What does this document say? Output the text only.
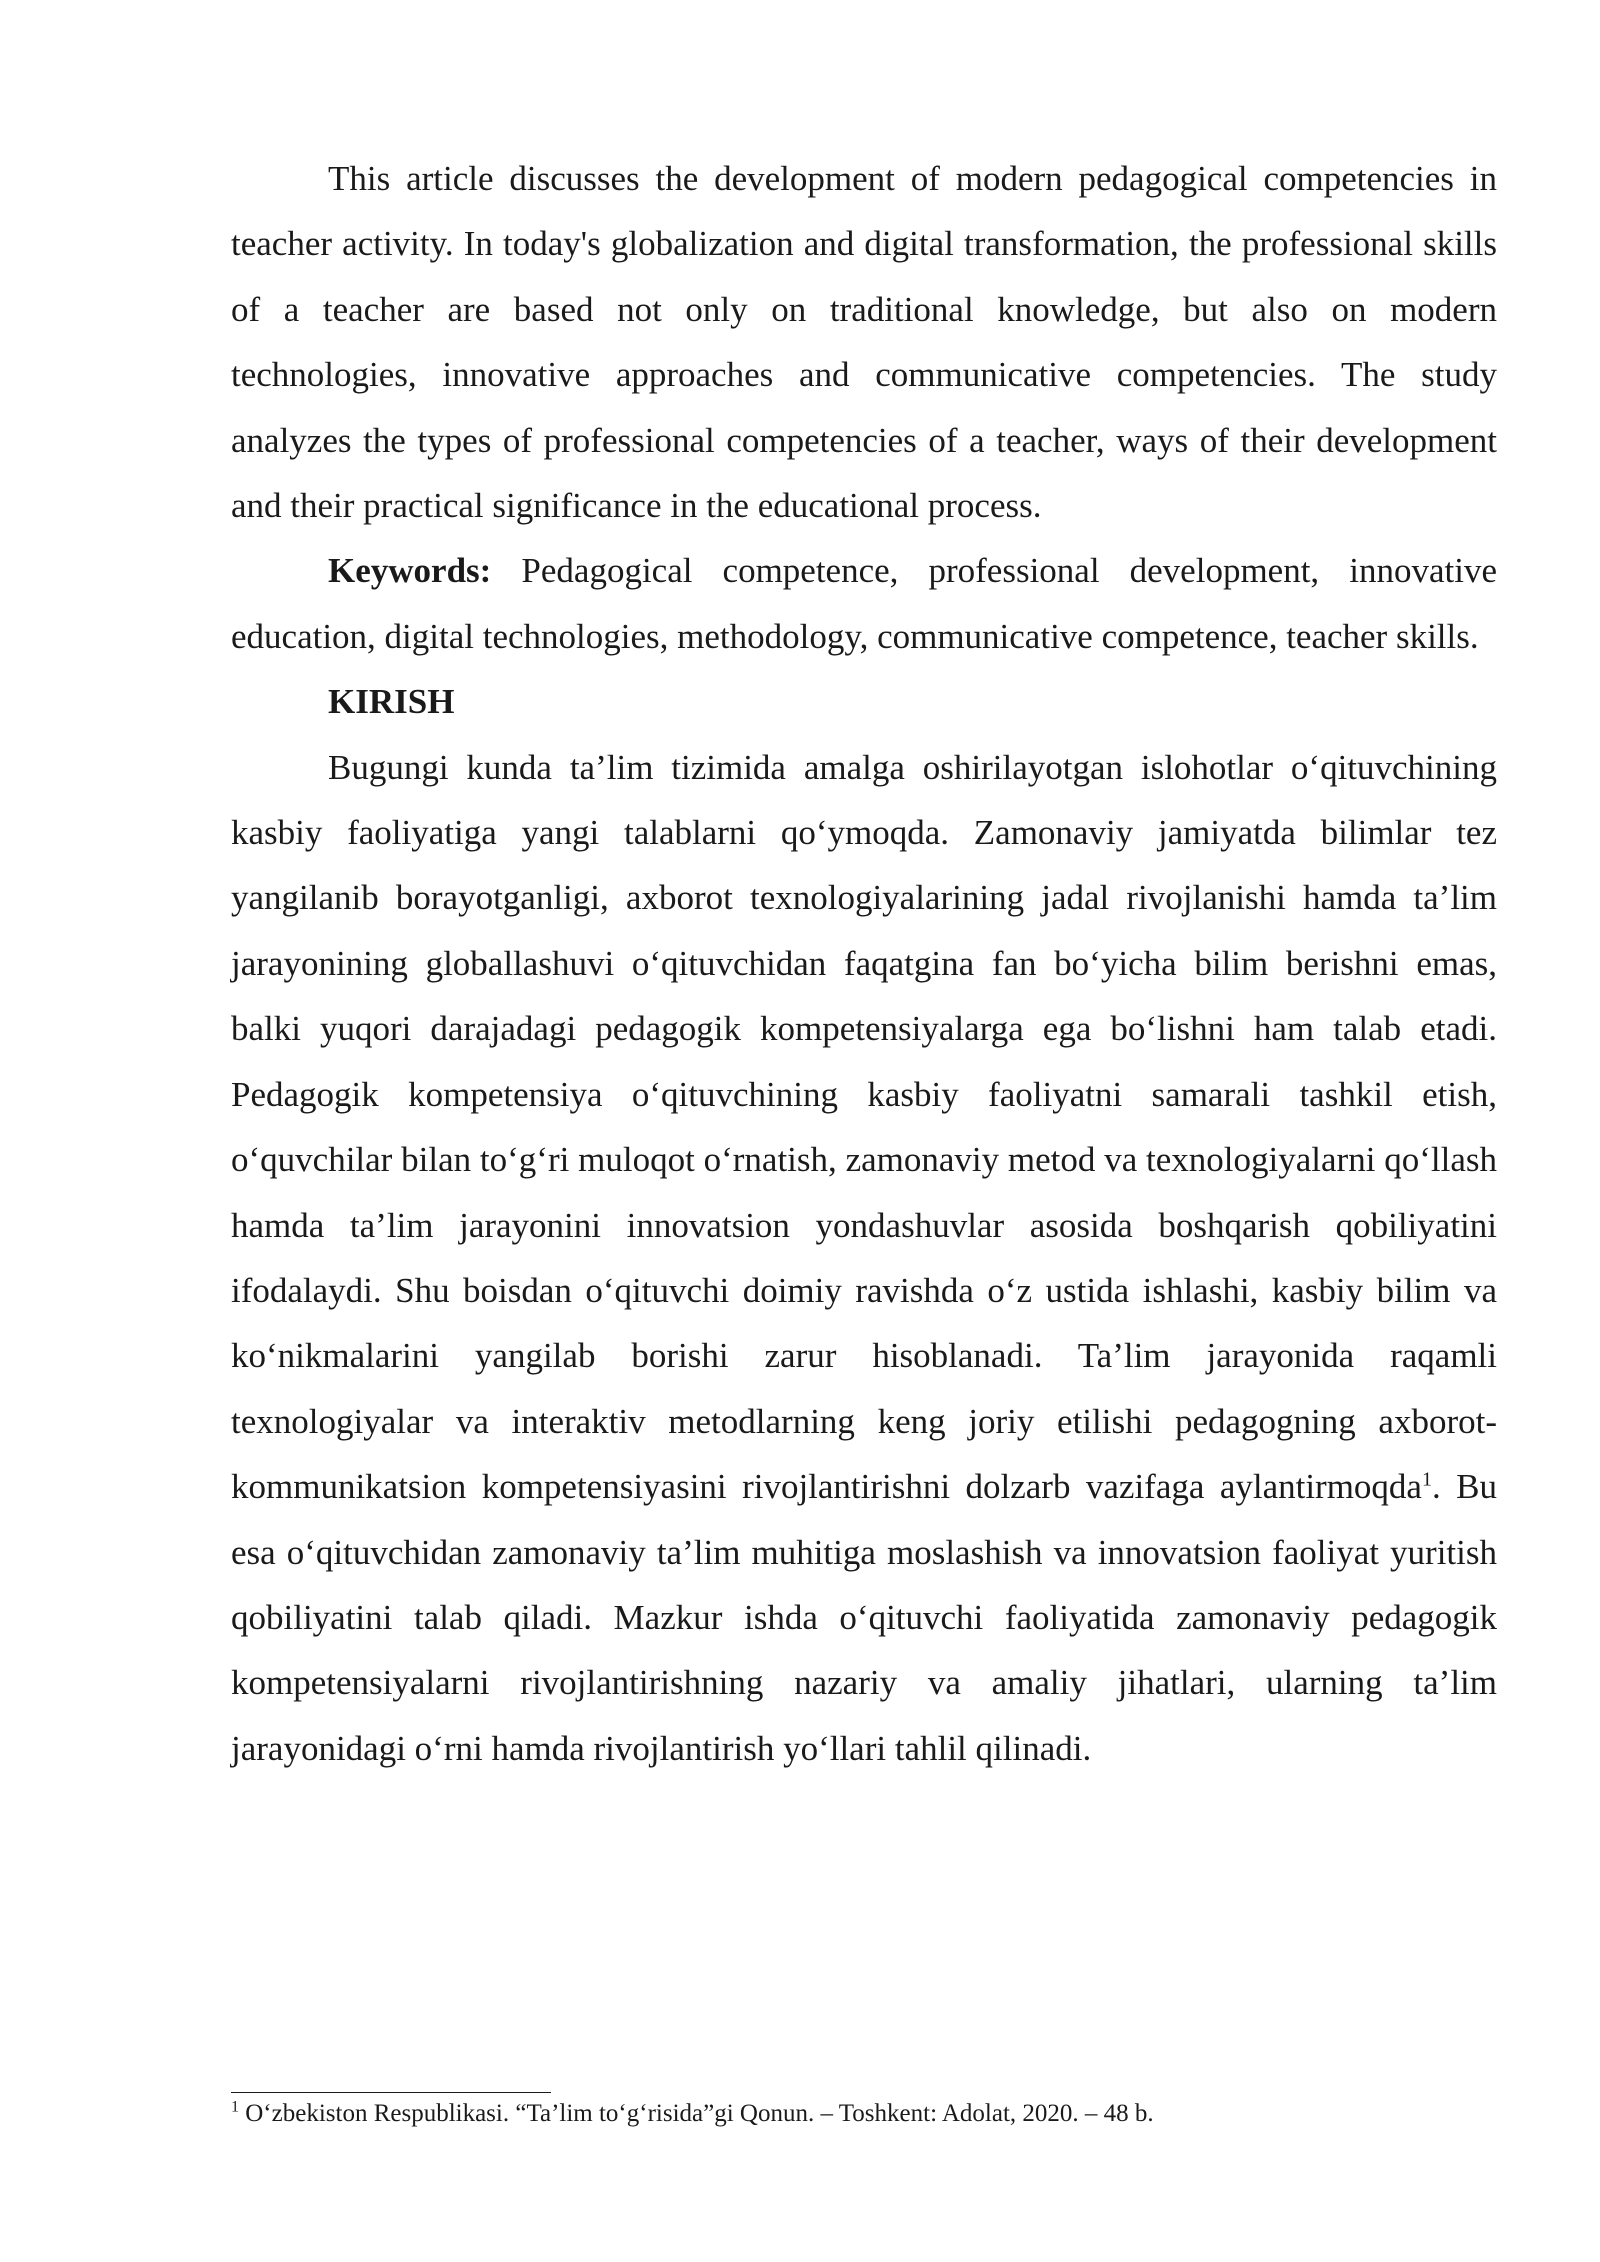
This article discusses the development of modern pedagogical competencies in teacher activity. In today's globalization and digital transformation, the professional skills of a teacher are based not only on traditional knowledge, but also on modern technologies, innovative approaches and communicative competencies. The study analyzes the types of professional competencies of a teacher, ways of their development and their practical significance in the educational process.

Keywords: Pedagogical competence, professional development, innovative education, digital technologies, methodology, communicative competence, teacher skills.

KIRISH

Bugungi kunda ta’lim tizimida amalga oshirilayotgan islohotlar o‘qituvchining kasbiy faoliyatiga yangi talablarni qo‘ymoqda. Zamonaviy jamiyatda bilimlar tez yangilanib borayotganligi, axborot texnologiyalarining jadal rivojlanishi hamda ta’lim jarayonining globallashuvi o‘qituvchidan faqatgina fan bo‘yicha bilim berishni emas, balki yuqori darajadagi pedagogik kompetensiyalarga ega bo‘lishni ham talab etadi. Pedagogik kompetensiya o‘qituvchining kasbiy faoliyatni samarali tashkil etish, o‘quvchilar bilan to‘g‘ri muloqot o‘rnatish, zamonaviy metod va texnologiyalarni qo‘llash hamda ta’lim jarayonini innovatsion yondashuvlar asosida boshqarish qobiliyatini ifodalaydi. Shu boisdan o‘qituvchi doimiy ravishda o‘z ustida ishlashi, kasbiy bilim va ko‘nikmalarini yangilab borishi zarur hisoblanadi. Ta’lim jarayonida raqamli texnologiyalar va interaktiv metodlarning keng joriy etilishi pedagogning axborot-kommunikatsion kompetensiyasini rivojlantirishni dolzarb vazifaga aylantirmoqda$^1$. Bu esa o‘qituvchidan zamonaviy ta’lim muhitiga moslashish va innovatsion faoliyat yuritish qobiliyatini talab qiladi. Mazkur ishda o‘qituvchi faoliyatida zamonaviy pedagogik kompetensiyalarni rivojlantirishning nazariy va amaliy jihatlari, ularning ta’lim jarayonidagi o‘rni hamda rivojlantirish yo‘llari tahlil qilinadi.

$^1$ O‘zbekiston Respublikasi. “Ta’lim to‘g‘risida”gi Qonun. – Toshkent: Adolat, 2020. – 48 b.
